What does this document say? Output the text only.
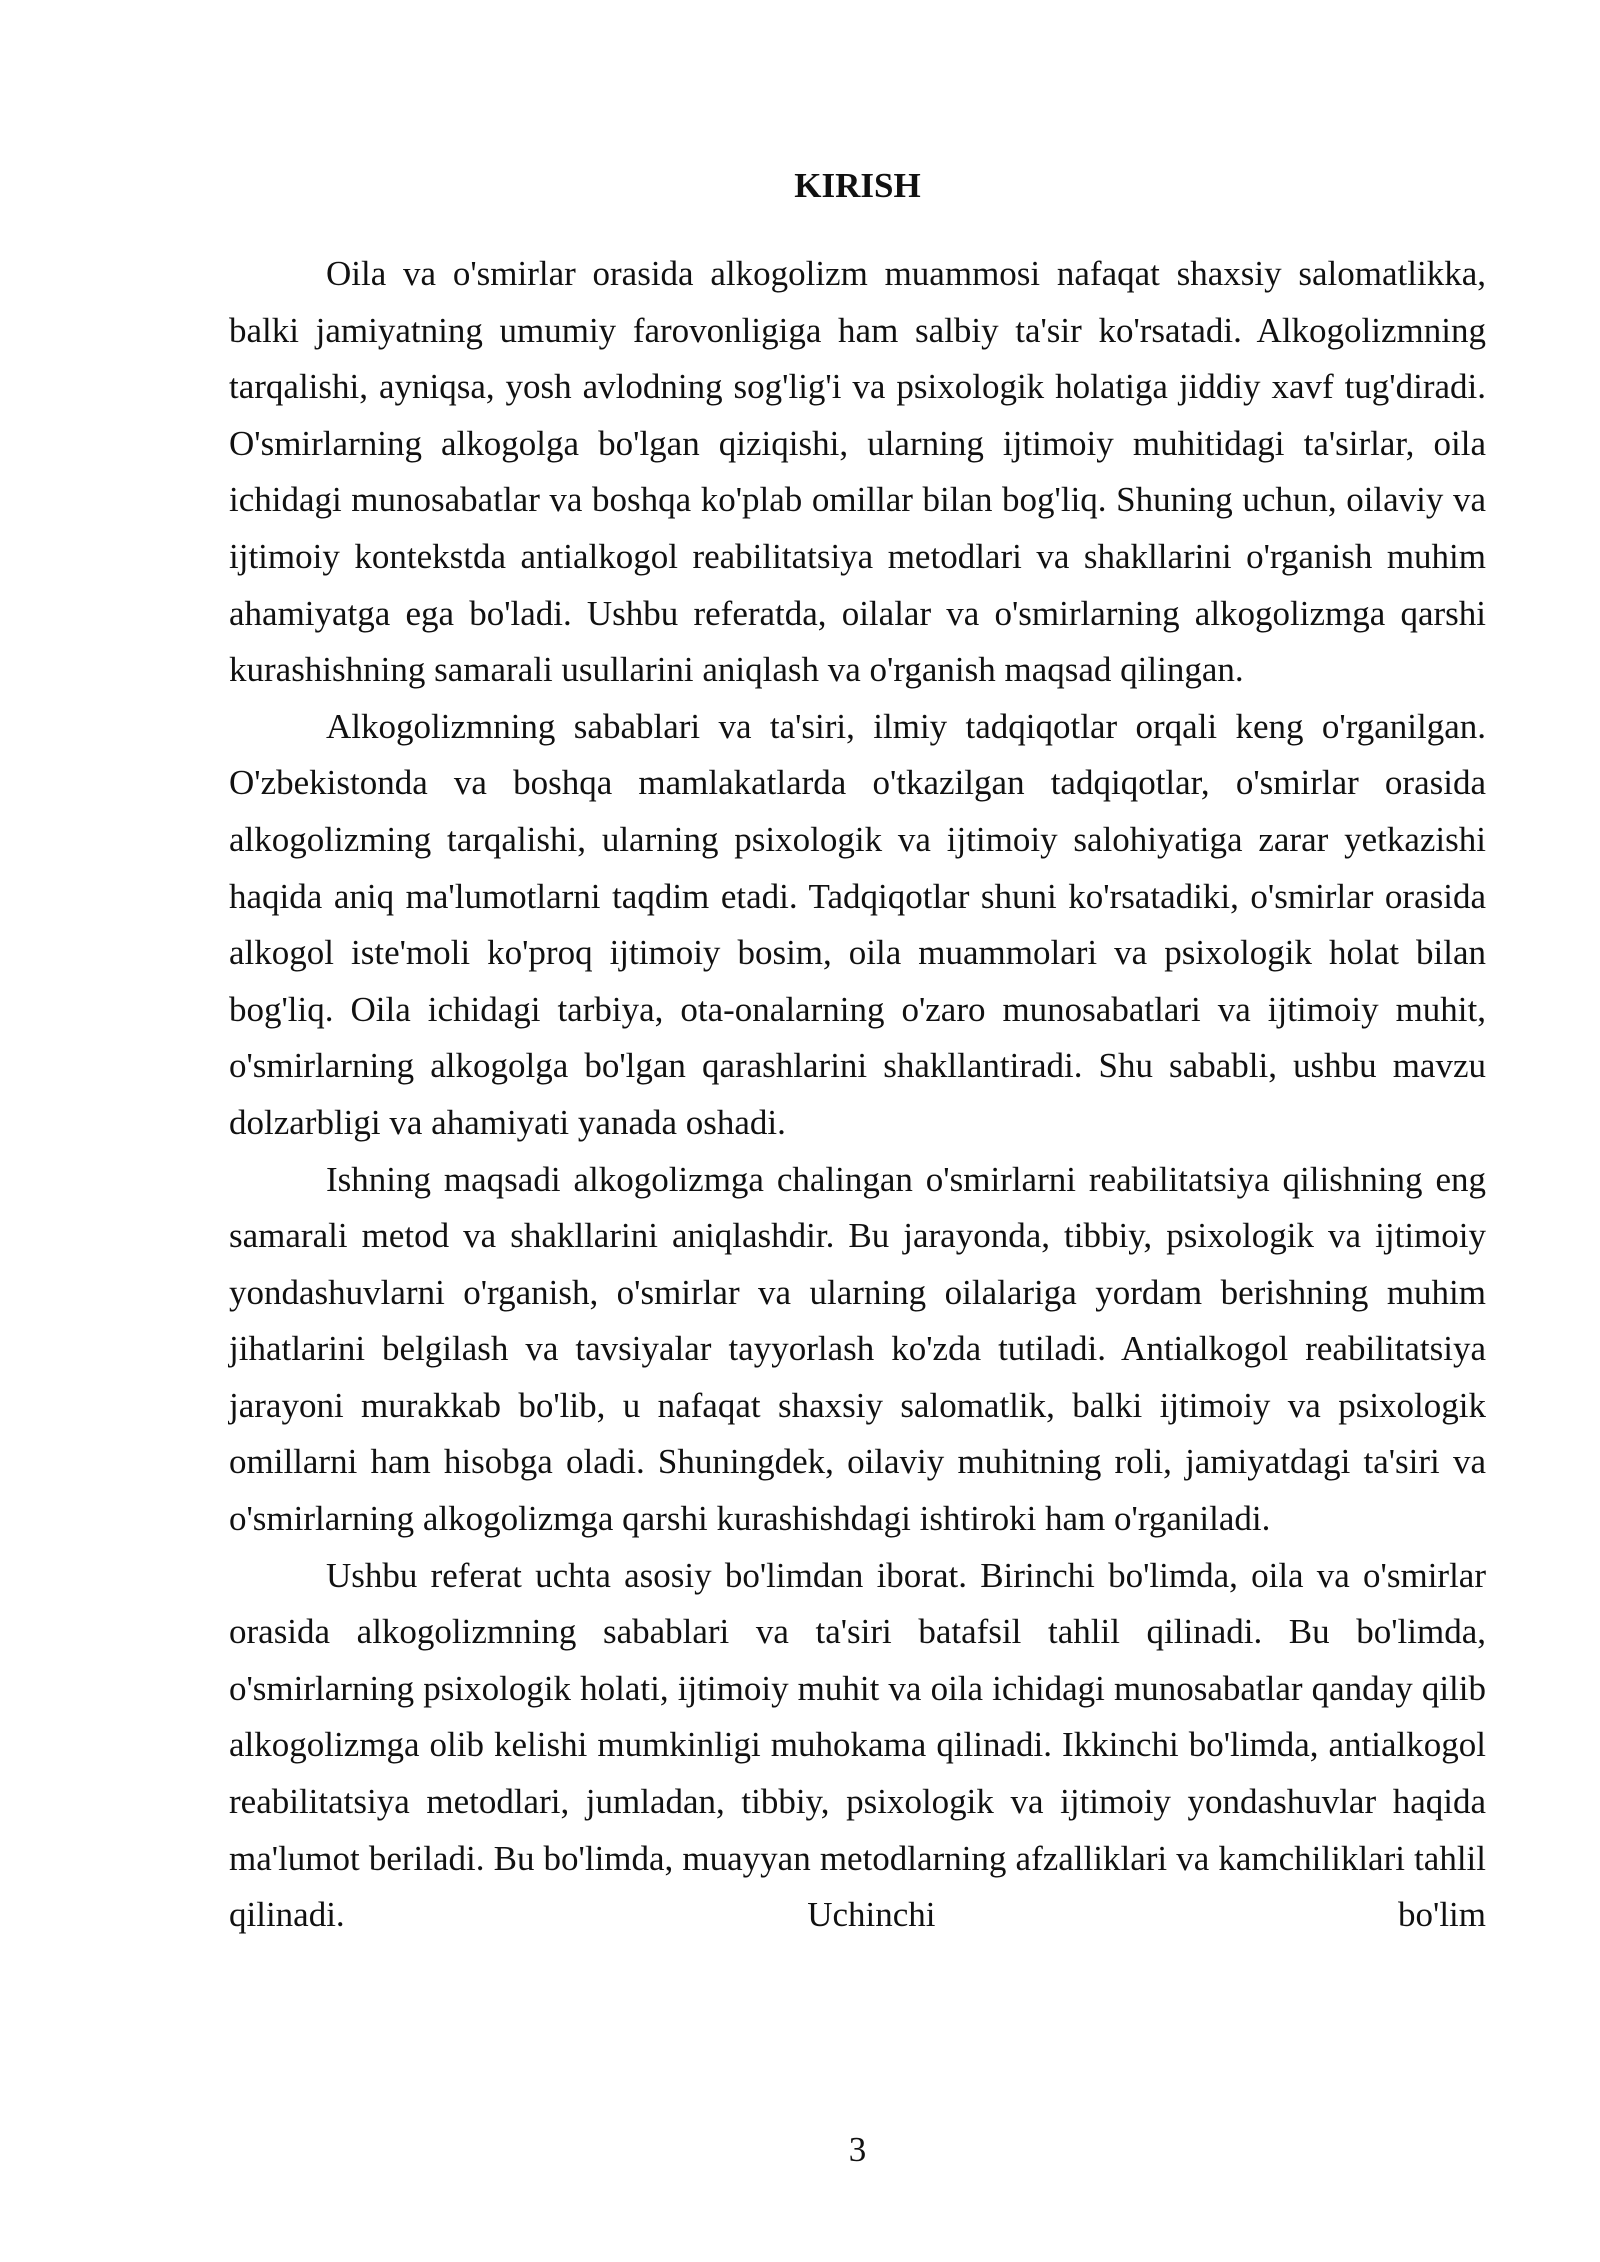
KIRISH

Oila va o'smirlar orasida alkogolizm muammosi nafaqat shaxsiy salomatlikka, balki jamiyatning umumiy farovonligiga ham salbiy ta'sir ko'rsatadi. Alkogolizmning tarqalishi, ayniqsa, yosh avlodning sog'lig'i va psixologik holatiga jiddiy xavf tug'diradi. O'smirlarning alkogolga bo'lgan qiziqishi, ularning ijtimoiy muhitidagi ta'sirlar, oila ichidagi munosabatlar va boshqa ko'plab omillar bilan bog'liq. Shuning uchun, oilaviy va ijtimoiy kontekstda antialkogol reabilitatsiya metodlari va shakllarini o'rganish muhim ahamiyatga ega bo'ladi. Ushbu referatda, oilalar va o'smirlarning alkogolizmga qarshi kurashishning samarali usullarini aniqlash va o'rganish maqsad qilingan.

Alkogolizmning sabablari va ta'siri, ilmiy tadqiqotlar orqali keng o'rganilgan. O'zbekistonda va boshqa mamlakatlarda o'tkazilgan tadqiqotlar, o'smirlar orasida alkogolizming tarqalishi, ularning psixologik va ijtimoiy salohiyatiga zarar yetkazishi haqida aniq ma'lumotlarni taqdim etadi. Tadqiqotlar shuni ko'rsatadiki, o'smirlar orasida alkogol iste'moli ko'proq ijtimoiy bosim, oila muammolari va psixologik holat bilan bog'liq. Oila ichidagi tarbiya, ota-onalarning o'zaro munosabatlari va ijtimoiy muhit, o'smirlarning alkogolga bo'lgan qarashlarini shakllantiradi. Shu sababli, ushbu mavzu dolzarbligi va ahamiyati yanada oshadi.

Ishning maqsadi alkogolizmga chalingan o'smirlarni reabilitatsiya qilishning eng samarali metod va shakllarini aniqlashdir. Bu jarayonda, tibbiy, psixologik va ijtimoiy yondashuvlarni o'rganish, o'smirlar va ularning oilalariga yordam berishning muhim jihatlarini belgilash va tavsiyalar tayyorlash ko'zda tutiladi. Antialkogol reabilitatsiya jarayoni murakkab bo'lib, u nafaqat shaxsiy salomatlik, balki ijtimoiy va psixologik omillarni ham hisobga oladi. Shuningdek, oilaviy muhitning roli, jamiyatdagi ta'siri va o'smirlarning alkogolizmga qarshi kurashishdagi ishtiroki ham o'rganiladi.

Ushbu referat uchta asosiy bo'limdan iborat. Birinchi bo'limda, oila va o'smirlar orasida alkogolizmning sabablari va ta'siri batafsil tahlil qilinadi. Bu bo'limda, o'smirlarning psixologik holati, ijtimoiy muhit va oila ichidagi munosabatlar qanday qilib alkogolizmga olib kelishi mumkinligi muhokama qilinadi. Ikkinchi bo'limda, antialkogol reabilitatsiya metodlari, jumladan, tibbiy, psixologik va ijtimoiy yondashuvlar haqida ma'lumot beriladi. Bu bo'limda, muayyan metodlarning afzalliklari va kamchiliklari tahlil qilinadi. Uchinchi bo'lim

3
